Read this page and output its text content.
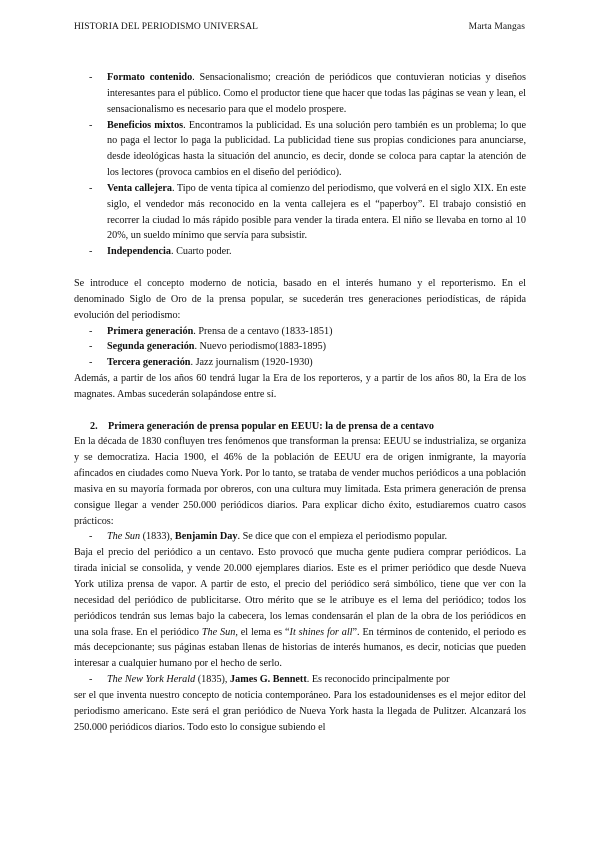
HISTORIA DEL PERIODISMO UNIVERSAL	Marta Mangas
- Formato contenido. Sensacionalismo; creación de periódicos que contuvieran noticias y diseños interesantes para el público. Como el productor tiene que hacer que todas las páginas se vean y lean, el sensacionalismo es necesario para que el modelo prospere.
- Beneficios mixtos. Encontramos la publicidad. Es una solución pero también es un problema; lo que no paga el lector lo paga la publicidad. La publicidad tiene sus propias condiciones para anunciarse, desde ideológicas hasta la situación del anuncio, es decir, donde se coloca para captar la atención de los lectores (provoca cambios en el diseño del periódico).
- Venta callejera. Tipo de venta típica al comienzo del periodismo, que volverá en el siglo XIX. En este siglo, el vendedor más reconocido en la venta callejera es el “paperboy”. El trabajo consistió en recorrer la ciudad lo más rápido posible para vender la tirada entera. El niño se llevaba en torno al 10 20%, un sueldo mínimo que servía para subsistir.
- Independencia. Cuarto poder.

Se introduce el concepto moderno de noticia, basado en el interés humano y el reporterismo. En el denominado Siglo de Oro de la prensa popular, se sucederán tres generaciones periodísticas, de rápida evolución del periodismo:

- Primera generación. Prensa de a centavo (1833-1851)
- Segunda generación. Nuevo periodismo(1883-1895)
- Tercera generación. Jazz journalism (1920-1930)

Además, a partir de los años 60 tendrá lugar la Era de los reporteros, y a partir de los años 80, la Era de los magnates. Ambas sucederán solapándose entre sí.

2. Primera generación de prensa popular en EEUU: la de prensa de a centavo

En la década de 1830 confluyen tres fenómenos que transforman la prensa: EEUU se industrializa, se organiza y se democratiza. Hacia 1900, el 46% de la población de EEUU era de origen inmigrante, la mayoría afincados en ciudades como Nueva York. Por lo tanto, se trataba de vender muchos periódicos a una población masiva en su mayoría formada por obreros, con una cultura muy limitada. Esta primera generación de prensa consigue llegar a vender 250.000 periódicos diarios. Para explicar dicho éxito, estudiaremos cuatro casos prácticos:

- The Sun (1833), Benjamin Day. Se dice que con el empieza el periodismo popular.

Baja el precio del periódico a un centavo. Esto provocó que mucha gente pudiera comprar periódicos. La tirada inicial se consolida, y vende 20.000 ejemplares diarios. Este es el primer periódico que desde Nueva York utiliza prensa de vapor. A partir de esto, el precio del periódico será simbólico, tiene que ver con la necesidad del periódico de publicitarse. Otro mérito que se le atribuye es el lema del periódico; todos los periódicos tendrán sus lemas bajo la cabecera, los lemas condensarán el plan de la obra de los periódicos en una sola frase. En el periódico The Sun, el lema es “It shines for all”. En términos de contenido, el periodo es más decepcionante; sus páginas estaban llenas de historias de interés humanos, es decir, noticias que pueden interesar a cualquier humano por el hecho de serlo.

- The New York Herald (1835), James G. Bennett. Es reconocido principalmente por

ser el que inventa nuestro concepto de noticia contemporáneo. Para los estadounidenses es el mejor editor del periodismo americano. Este será el gran periódico de Nueva York hasta la llegada de Pulitzer. Alcanzará los 250.000 periódicos diarios. Todo esto lo consigue subiendo el
